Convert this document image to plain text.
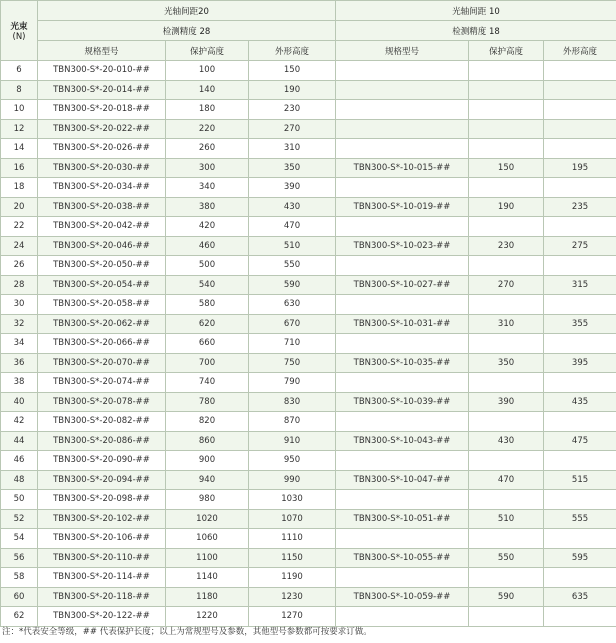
光束
(N)	光轴间距20			光轴间距 10		
	检测精度 28			检测精度 18		
	规格型号	保护高度	外形高度	规格型号	保护高度	外形高度
6	TBN300-S*-20-010-##	100	150			
8	TBN300-S*-20-014-##	140	190			
10	TBN300-S*-20-018-##	180	230			
12	TBN300-S*-20-022-##	220	270			
14	TBN300-S*-20-026-##	260	310			
16	TBN300-S*-20-030-##	300	350	TBN300-S*-10-015-##	150	195
18	TBN300-S*-20-034-##	340	390			
20	TBN300-S*-20-038-##	380	430	TBN300-S*-10-019-##	190	235
22	TBN300-S*-20-042-##	420	470			
24	TBN300-S*-20-046-##	460	510	TBN300-S*-10-023-##	230	275
26	TBN300-S*-20-050-##	500	550			
28	TBN300-S*-20-054-##	540	590	TBN300-S*-10-027-##	270	315
30	TBN300-S*-20-058-##	580	630			
32	TBN300-S*-20-062-##	620	670	TBN300-S*-10-031-##	310	355
34	TBN300-S*-20-066-##	660	710			
36	TBN300-S*-20-070-##	700	750	TBN300-S*-10-035-##	350	395
38	TBN300-S*-20-074-##	740	790			
40	TBN300-S*-20-078-##	780	830	TBN300-S*-10-039-##	390	435
42	TBN300-S*-20-082-##	820	870			
44	TBN300-S*-20-086-##	860	910	TBN300-S*-10-043-##	430	475
46	TBN300-S*-20-090-##	900	950			
48	TBN300-S*-20-094-##	940	990	TBN300-S*-10-047-##	470	515
50	TBN300-S*-20-098-##	980	1030			
52	TBN300-S*-20-102-##	1020	1070	TBN300-S*-10-051-##	510	555
54	TBN300-S*-20-106-##	1060	1110			
56	TBN300-S*-20-110-##	1100	1150	TBN300-S*-10-055-##	550	595
58	TBN300-S*-20-114-##	1140	1190			
60	TBN300-S*-20-118-##	1180	1230	TBN300-S*-10-059-##	590	635
62	TBN300-S*-20-122-##	1220	1270			
注：*代表安全等级，## 代表保护长度；以上为常规型号及参数，其他型号参数都可按要求订做。
